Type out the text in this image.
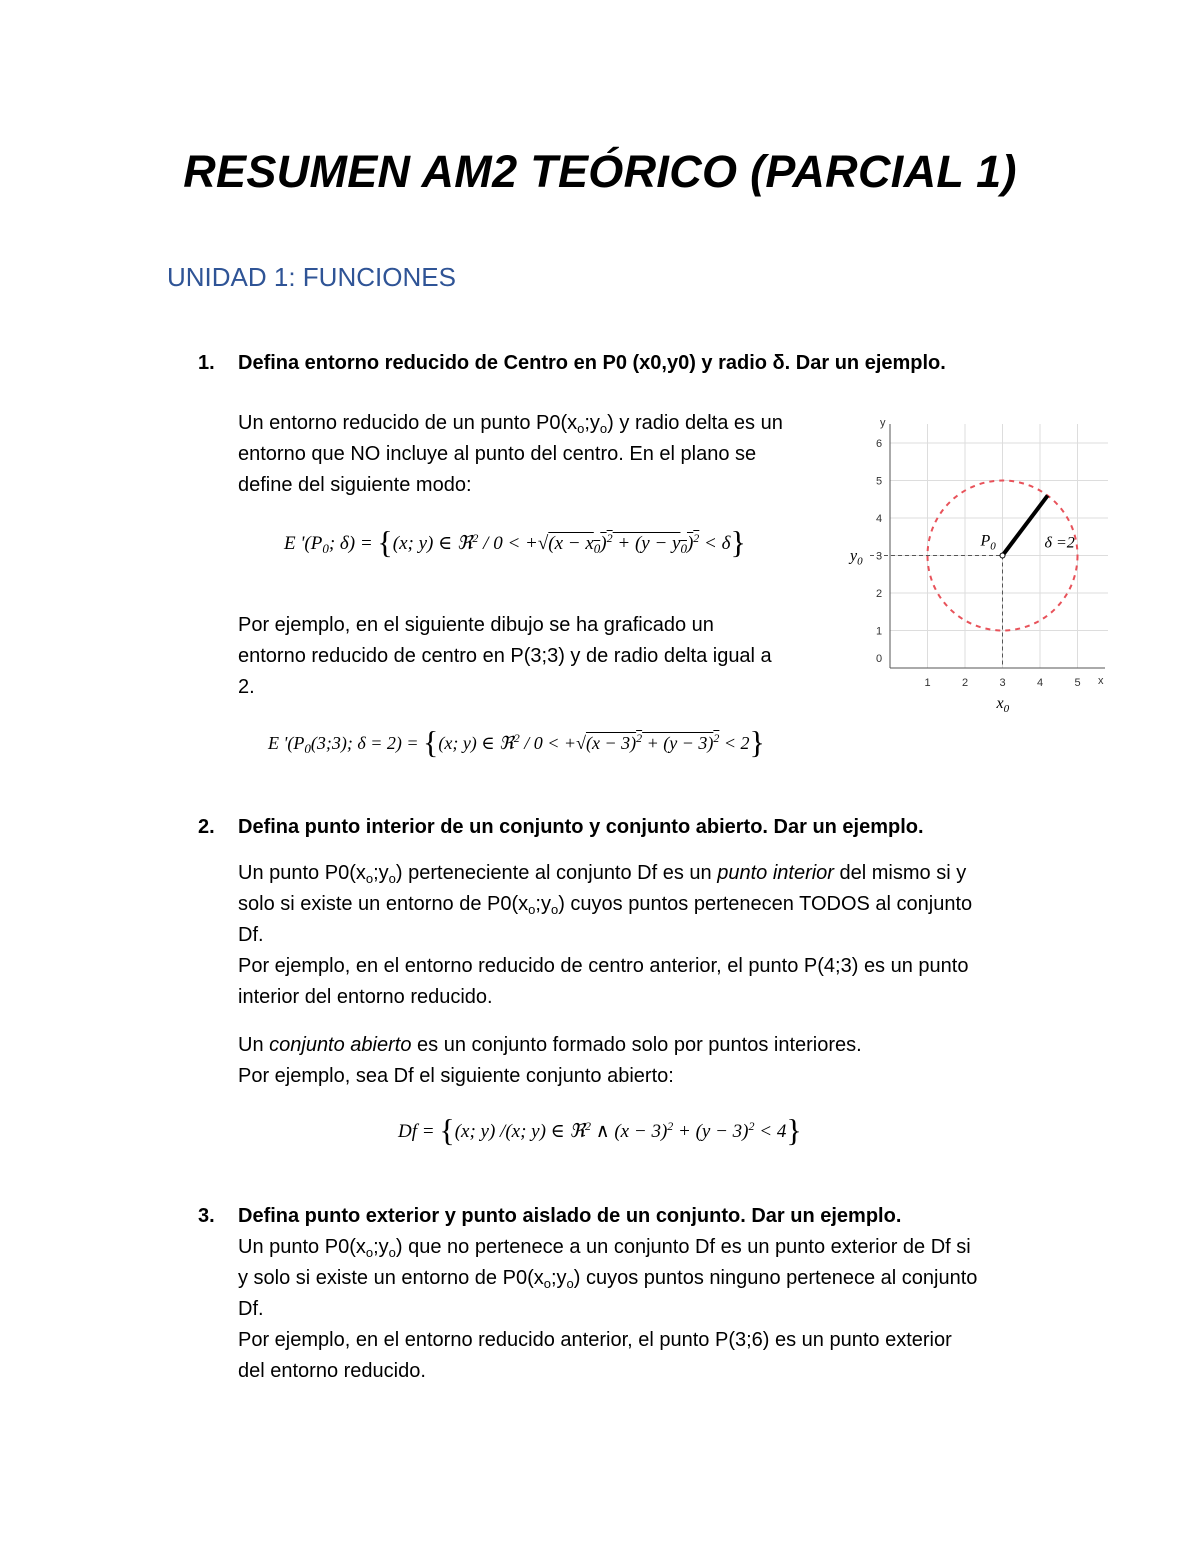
RESUMEN AM2 TEÓRICO (PARCIAL 1)
UNIDAD 1: FUNCIONES
1. Defina entorno reducido de Centro en P0 (x0,y0) y radio δ. Dar un ejemplo.
Un entorno reducido de un punto $P0(x_o;y_o)$ y radio delta es un
entorno que NO incluye al punto del centro. En el plano se
define del siguiente modo:
E '($P_0$; δ) = {(x; y) ∈ ℜ$^2$ / $0 < +√(x - x_0)^2 + (y - y_0)^2 < \delta$}
Por ejemplo, en el siguiente dibujo se ha graficado un
entorno reducido de centro en P(3;3) y de radio delta igual a
2.
E '($P_0(3;3)$; δ = 2) = {(x; y) ∈ ℜ$^2$ / $0 < +√(x - 3)^2 + (y - 3)^2 < 2$}
1	2	3	4	5
0
1
2
3
4
5
6
x
y
$P_0$	δ =2
$y_0$
$x_0$
2. Defina punto interior de un conjunto y conjunto abierto. Dar un ejemplo.
Un punto $P0(x_o;y_o)$ perteneciente al conjunto Df es un punto interior del mismo si y
solo si existe un entorno de $P0(x_o;y_o)$ cuyos puntos pertenecen TODOS al conjunto
Df.
Por ejemplo, en el entorno reducido de centro anterior, el punto P(4;3) es un punto
interior del entorno reducido.
Un conjunto abierto es un conjunto formado solo por puntos interiores.
Por ejemplo, sea Df el siguiente conjunto abierto:
Df = {(x; y) /(x; y) ∈ ℜ$^2$ ∧ $(x - 3)^2 + (y - 3)^2 < 4$}
3. Defina punto exterior y punto aislado de un conjunto. Dar un ejemplo.
Un punto $P0(x_o;y_o)$ que no pertenece a un conjunto Df es un punto exterior de Df si
y solo si existe un entorno de $P0(x_o;y_o)$ cuyos puntos ninguno pertenece al conjunto
Df.
Por ejemplo, en el entorno reducido anterior, el punto P(3;6) es un punto exterior
del entorno reducido.
